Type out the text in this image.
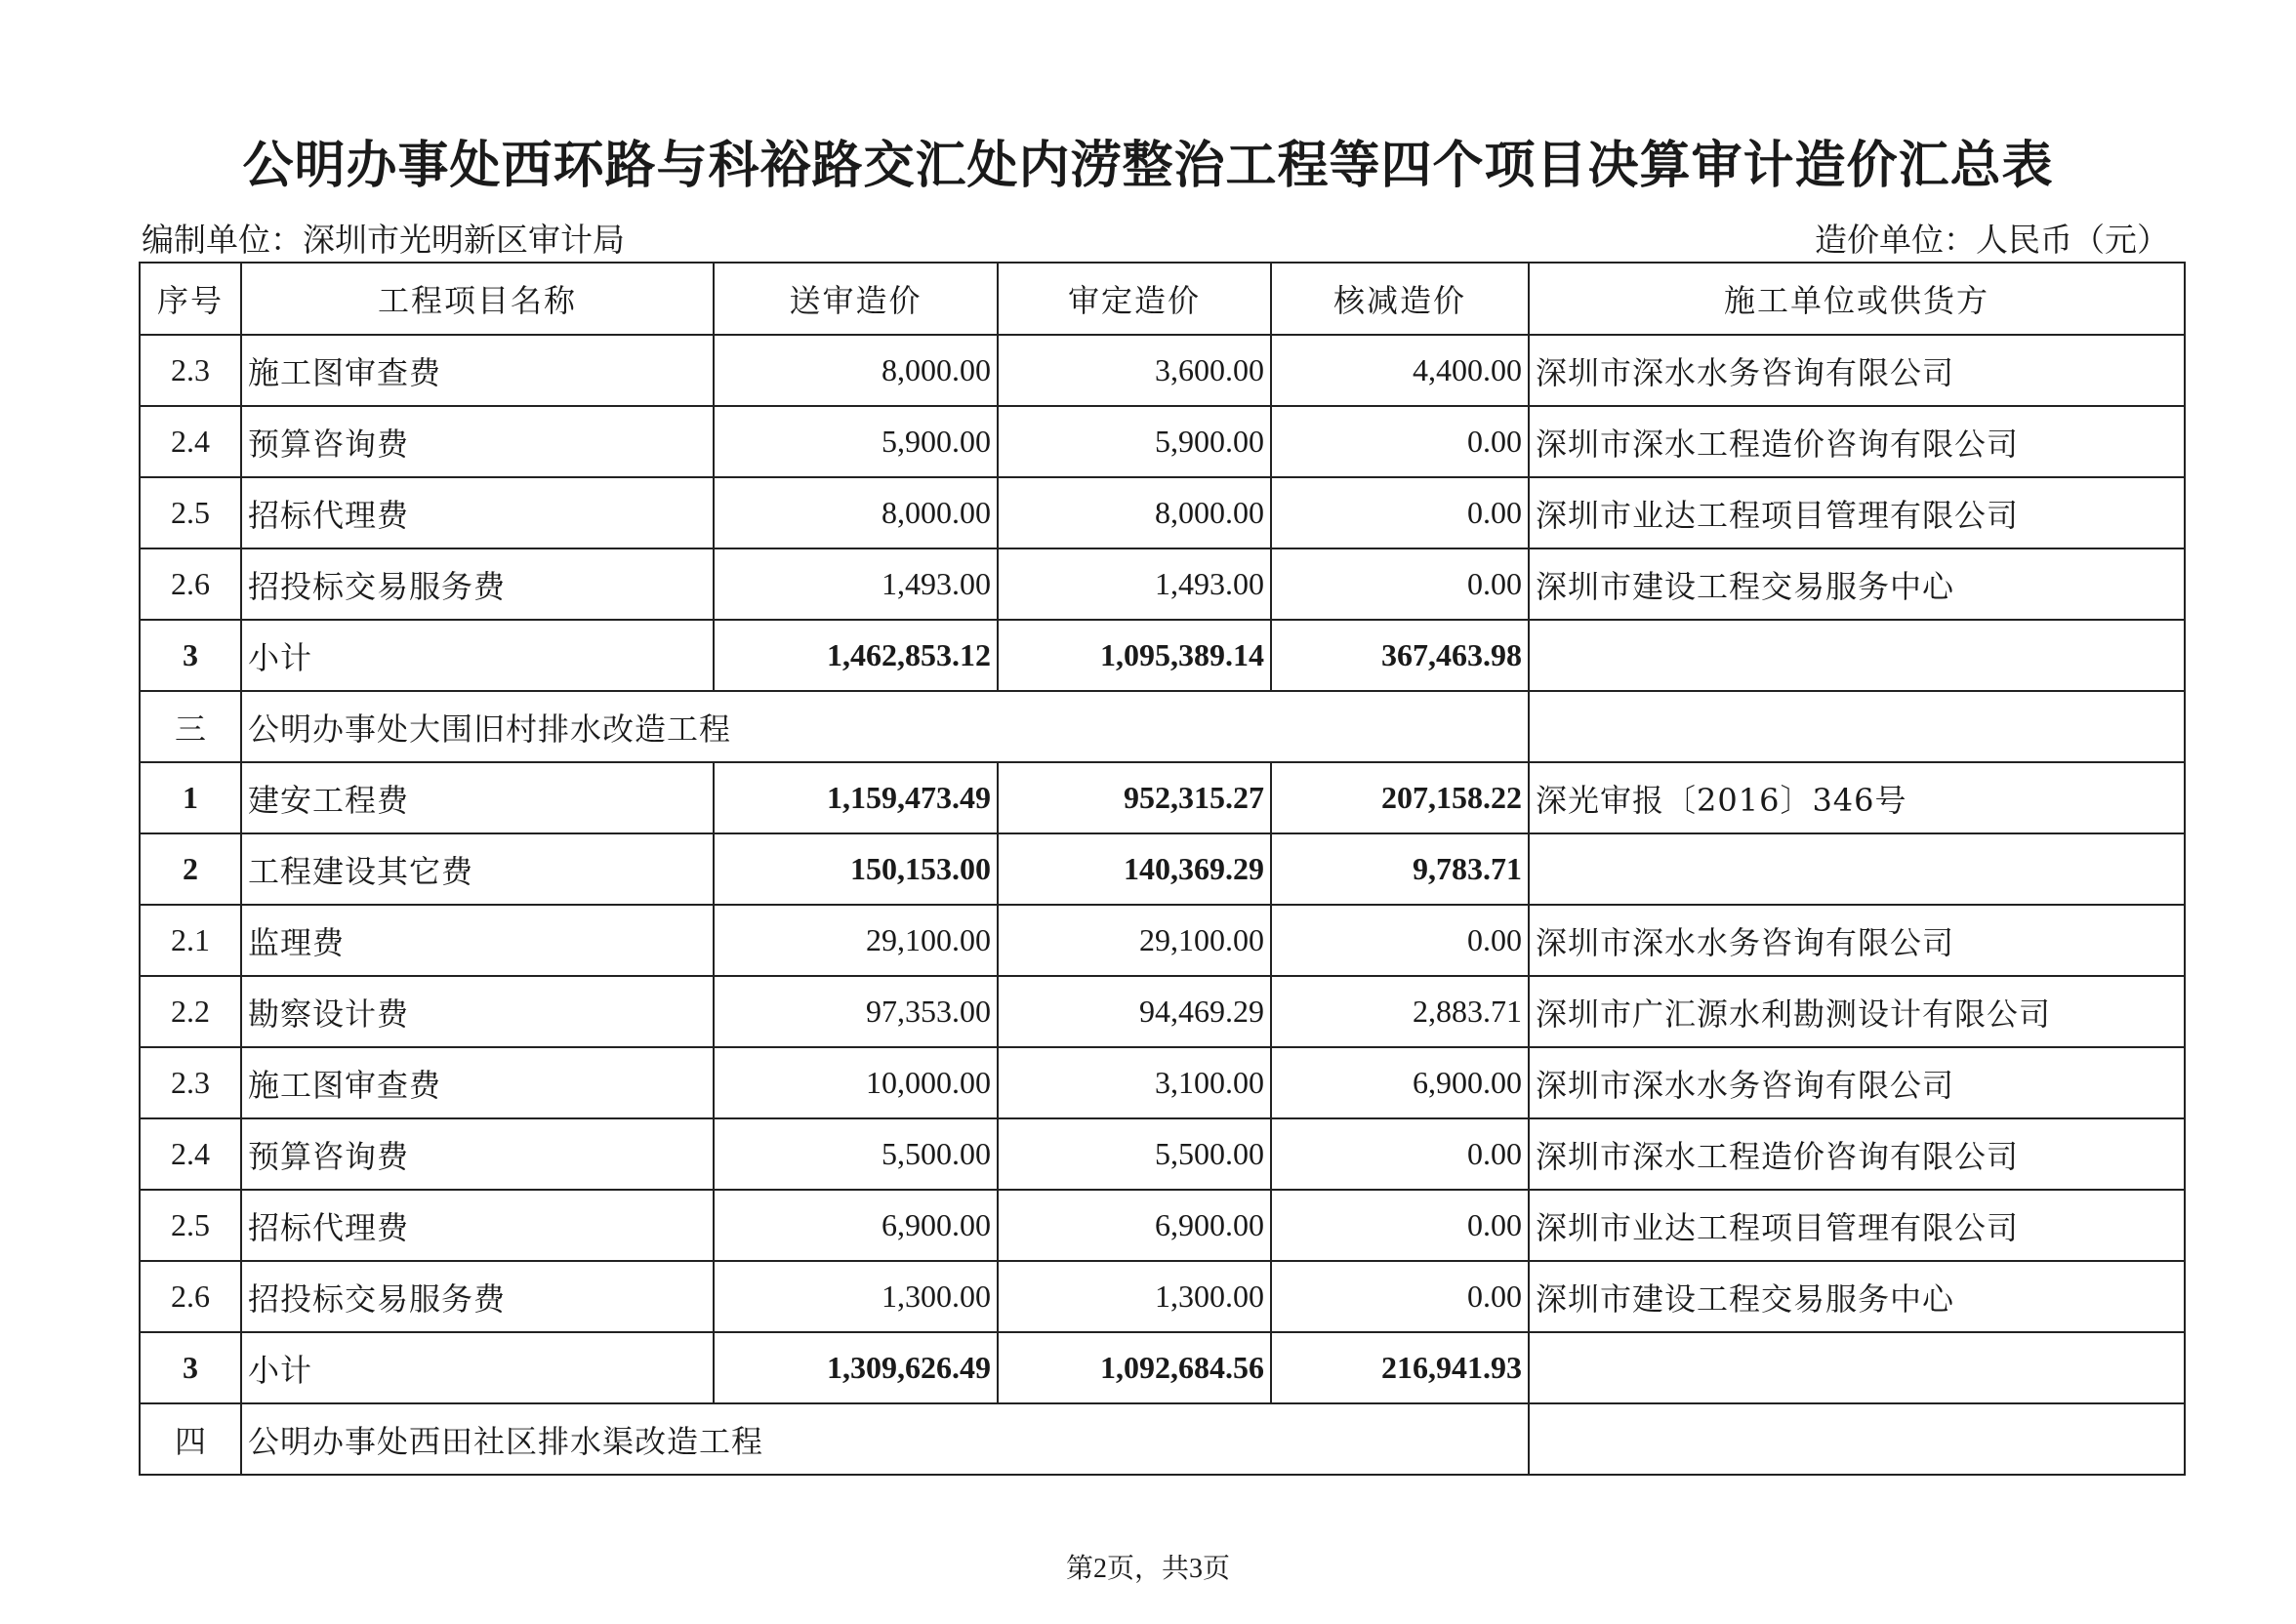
公明办事处西环路与科裕路交汇处内涝整治工程等四个项目决算审计造价汇总表
编制单位：深圳市光明新区审计局	造价单位：人民币（元）
序号	工程项目名称	送审造价	审定造价	核减造价	施工单位或供货方
2.3	施工图审查费	8,000.00	3,600.00	4,400.00	深圳市深水水务咨询有限公司
2.4	预算咨询费	5,900.00	5,900.00	0.00	深圳市深水工程造价咨询有限公司
2.5	招标代理费	8,000.00	8,000.00	0.00	深圳市业达工程项目管理有限公司
2.6	招投标交易服务费	1,493.00	1,493.00	0.00	深圳市建设工程交易服务中心
3	小计	1,462,853.12	1,095,389.14	367,463.98	
三	公明办事处大围旧村排水改造工程				
1	建安工程费	1,159,473.49	952,315.27	207,158.22	深光审报〔2016〕346号
2	工程建设其它费	150,153.00	140,369.29	9,783.71	
2.1	监理费	29,100.00	29,100.00	0.00	深圳市深水水务咨询有限公司
2.2	勘察设计费	97,353.00	94,469.29	2,883.71	深圳市广汇源水利勘测设计有限公司
2.3	施工图审查费	10,000.00	3,100.00	6,900.00	深圳市深水水务咨询有限公司
2.4	预算咨询费	5,500.00	5,500.00	0.00	深圳市深水工程造价咨询有限公司
2.5	招标代理费	6,900.00	6,900.00	0.00	深圳市业达工程项目管理有限公司
2.6	招投标交易服务费	1,300.00	1,300.00	0.00	深圳市建设工程交易服务中心
3	小计	1,309,626.49	1,092,684.56	216,941.93	
四	公明办事处西田社区排水渠改造工程				
第2页，共3页
